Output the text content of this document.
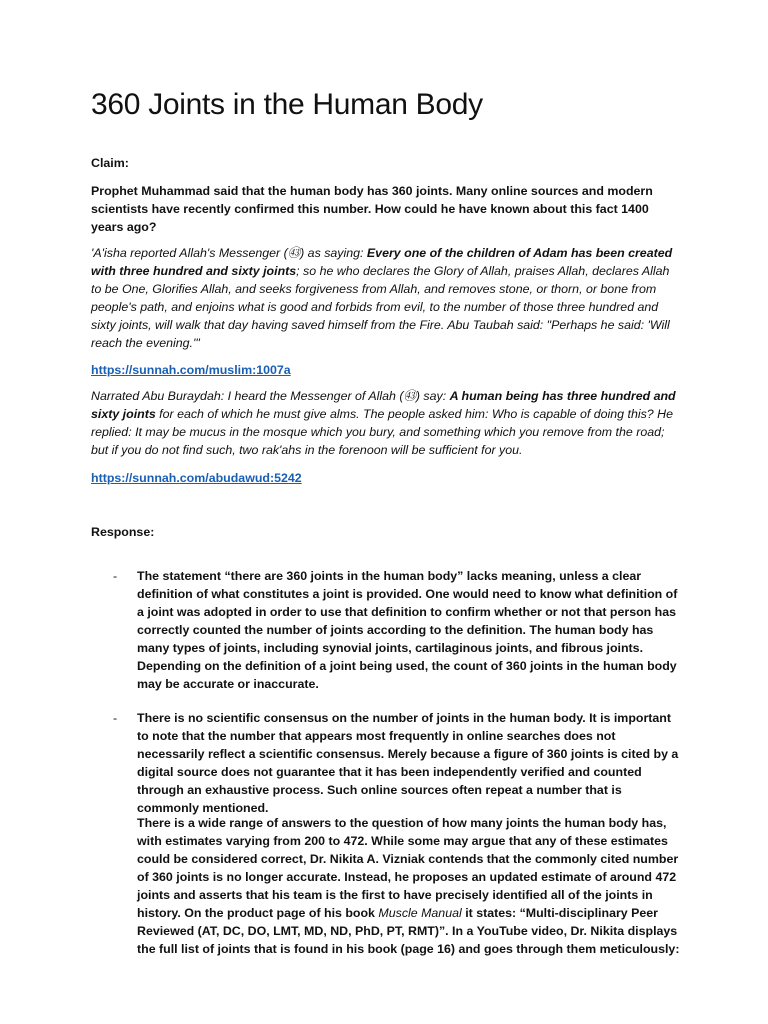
360 Joints in the Human Body

Claim:

Prophet Muhammad said that the human body has 360 joints. Many online sources and modern scientists have recently confirmed this number. How could he have known about this fact 1400 years ago?

'A'isha reported Allah's Messenger (㊸) as saying: Every one of the children of Adam has been created with three hundred and sixty joints; so he who declares the Glory of Allah, praises Allah, declares Allah to be One, Glorifies Allah, and seeks forgiveness from Allah, and removes stone, or thorn, or bone from people's path, and enjoins what is good and forbids from evil, to the number of those three hundred and sixty joints, will walk that day having saved himself from the Fire. Abu Taubah said: "Perhaps he said: 'Will reach the evening.'"

https://sunnah.com/muslim:1007a

Narrated Abu Buraydah: I heard the Messenger of Allah (㊸) say: A human being has three hundred and sixty joints for each of which he must give alms. The people asked him: Who is capable of doing this? He replied: It may be mucus in the mosque which you bury, and something which you remove from the road; but if you do not find such, two rak'ahs in the forenoon will be sufficient for you.

https://sunnah.com/abudawud:5242

Response:

- The statement “there are 360 joints in the human body” lacks meaning, unless a clear definition of what constitutes a joint is provided. One would need to know what definition of a joint was adopted in order to use that definition to confirm whether or not that person has correctly counted the number of joints according to the definition. The human body has many types of joints, including synovial joints, cartilaginous joints, and fibrous joints. Depending on the definition of a joint being used, the count of 360 joints in the human body may be accurate or inaccurate.

- There is no scientific consensus on the number of joints in the human body. It is important to note that the number that appears most frequently in online searches does not necessarily reflect a scientific consensus. Merely because a figure of 360 joints is cited by a digital source does not guarantee that it has been independently verified and counted through an exhaustive process. Such online sources often repeat a number that is commonly mentioned.

There is a wide range of answers to the question of how many joints the human body has, with estimates varying from 200 to 472. While some may argue that any of these estimates could be considered correct, Dr. Nikita A. Vizniak contends that the commonly cited number of 360 joints is no longer accurate. Instead, he proposes an updated estimate of around 472 joints and asserts that his team is the first to have precisely identified all of the joints in history. On the product page of his book Muscle Manual it states: “Multi-disciplinary Peer Reviewed (AT, DC, DO, LMT, MD, ND, PhD, PT, RMT)”. In a YouTube video, Dr. Nikita displays the full list of joints that is found in his book (page 16) and goes through them meticulously:
